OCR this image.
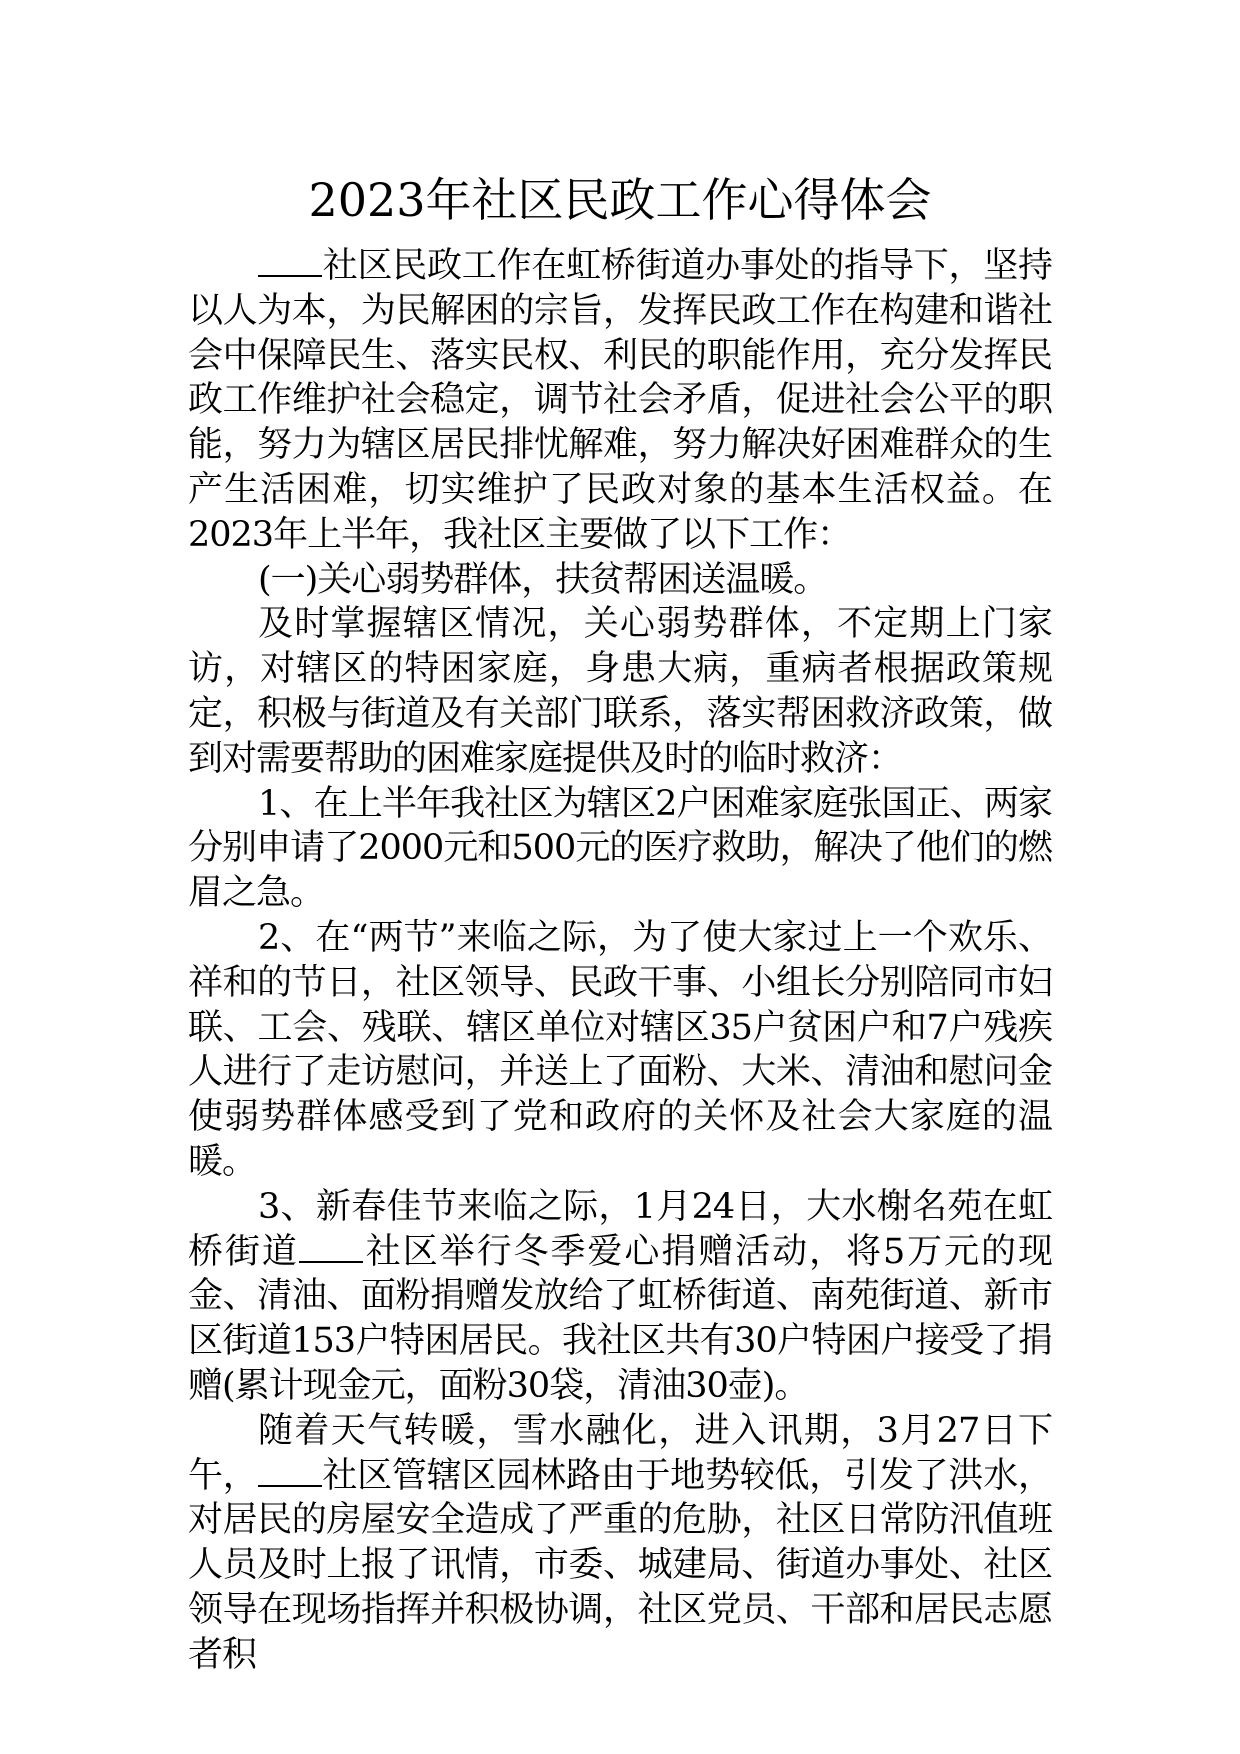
2023年社区民政工作心得体会

社区民政工作在虹桥街道办事处的指导下，坚持以人为本，为民解困的宗旨，发挥民政工作在构建和谐社会中保障民生、落实民权、利民的职能作用，充分发挥民政工作维护社会稳定，调节社会矛盾，促进社会公平的职能，努力为辖区居民排忧解难，努力解决好困难群众的生产生活困难，切实维护了民政对象的基本生活权益。在2023年上半年，我社区主要做了以下工作：

(一)关心弱势群体，扶贫帮困送温暖。

及时掌握辖区情况，关心弱势群体，不定期上门家访，对辖区的特困家庭，身患大病，重病者根据政策规定，积极与街道及有关部门联系，落实帮困救济政策，做到对需要帮助的困难家庭提供及时的临时救济：

1、在上半年我社区为辖区2户困难家庭张国正、两家分别申请了2000元和500元的医疗救助，解决了他们的燃眉之急。

2、在“两节”来临之际，为了使大家过上一个欢乐、祥和的节日，社区领导、民政干事、小组长分别陪同市妇联、工会、残联、辖区单位对辖区35户贫困户和7户残疾人进行了走访慰问，并送上了面粉、大米、清油和慰问金使弱势群体感受到了党和政府的关怀及社会大家庭的温暖。

3、新春佳节来临之际，1月24日，大水榭名苑在虹桥街道 社区举行冬季爱心捐赠活动，将5万元的现金、清油、面粉捐赠发放给了虹桥街道、南苑街道、新市区街道153户特困居民。我社区共有30户特困户接受了捐赠(累计现金元，面粉30袋，清油30壶)。

随着天气转暖，雪水融化，进入讯期，3月27日下午， 社区管辖区园林路由于地势较低，引发了洪水，对居民的房屋安全造成了严重的危胁，社区日常防汛值班人员及时上报了讯情，市委、城建局、街道办事处、社区领导在现场指挥并积极协调，社区党员、干部和居民志愿者积
